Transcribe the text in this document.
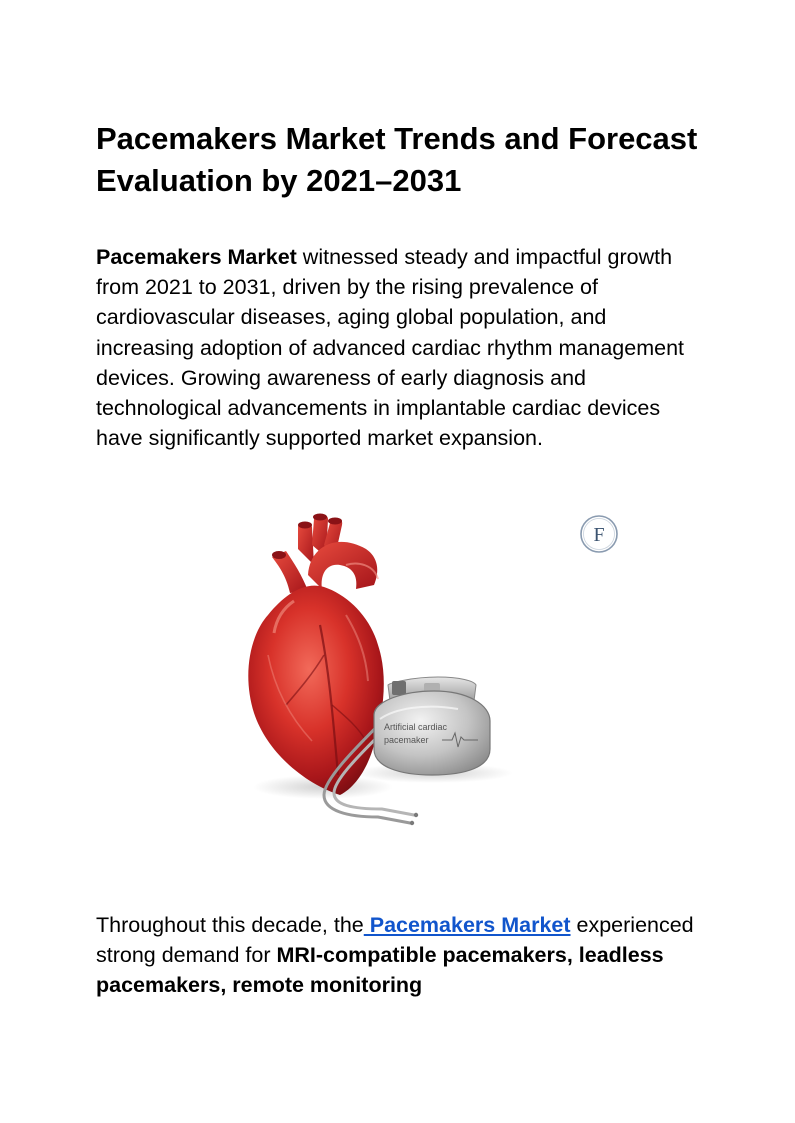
Pacemakers Market Trends and Forecast Evaluation by 2021–2031

Pacemakers Market witnessed steady and impactful growth from 2021 to 2031, driven by the rising prevalence of cardiovascular diseases, aging global population, and increasing adoption of advanced cardiac rhythm management devices. Growing awareness of early diagnosis and technological advancements in implantable cardiac devices have significantly supported market expansion.

F
Artificial cardiac
pacemaker

Throughout this decade, the Pacemakers Market experienced strong demand for MRI-compatible pacemakers, leadless pacemakers, remote monitoring
